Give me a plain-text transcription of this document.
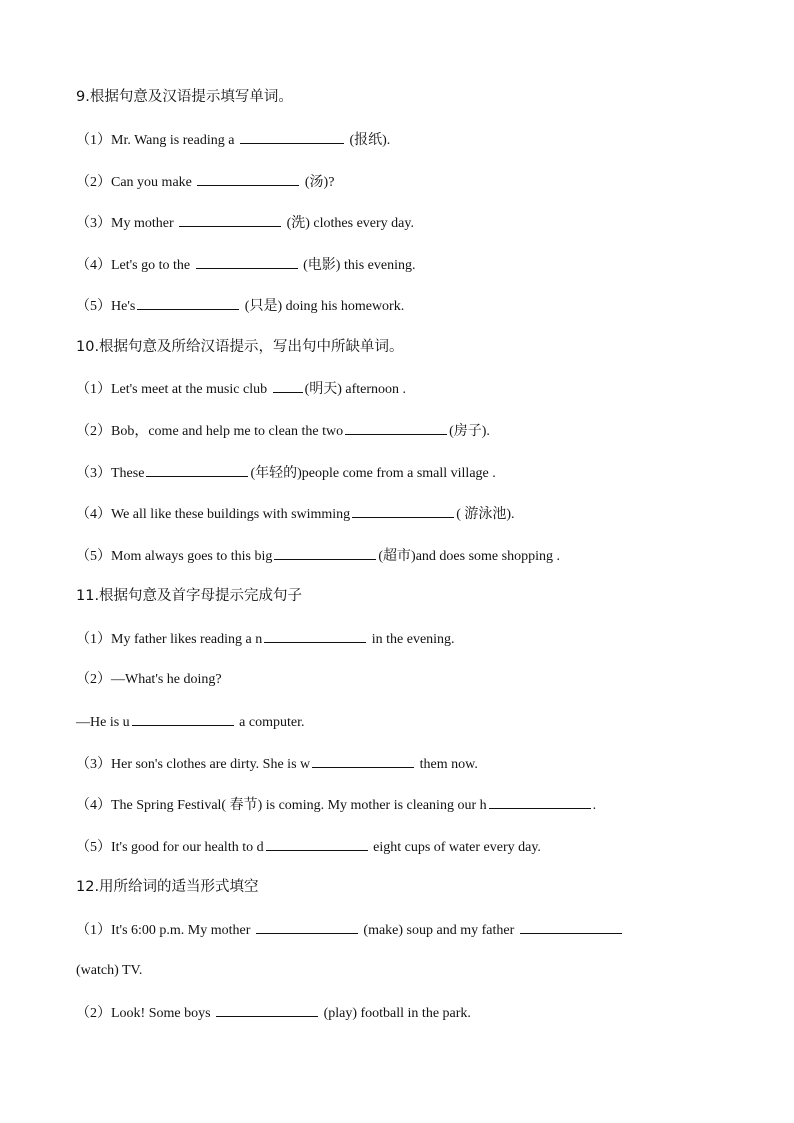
9.根据句意及汉语提示填写单词。
（1）Mr. Wang is reading a	(报纸).
（2）Can you make	(汤)?
（3）My mother	(洗) clothes every day.
（4）Let's go to the	(电影) this evening.
（5）He's	(只是) doing his homework.
10.根据句意及所给汉语提示，写出句中所缺单词。
（1）Let's meet at the music club (明天) afternoon .
（2）Bob，come and help me to clean the two	(房子).
（3）These	(年轻的)people come from a small village .
（4）We all like these buildings with swimming	( 游泳池).
（5）Mom always goes to this big	(超市)and does some shopping .
11.根据句意及首字母提示完成句子
（1）My father likes reading a n	in the evening.
（2）—What's he doing?
—He is u	a computer.
（3）Her son's clothes are dirty. She is w	them now.
（4）The Spring Festival( 春节) is coming. My mother is cleaning our h	.
（5）It's good for our health to d	eight cups of water every day.
12.用所给词的适当形式填空
（1）It's 6:00 p.m. My mother	(make) soup and my father
(watch) TV.
（2）Look! Some boys	(play) football in the park.
